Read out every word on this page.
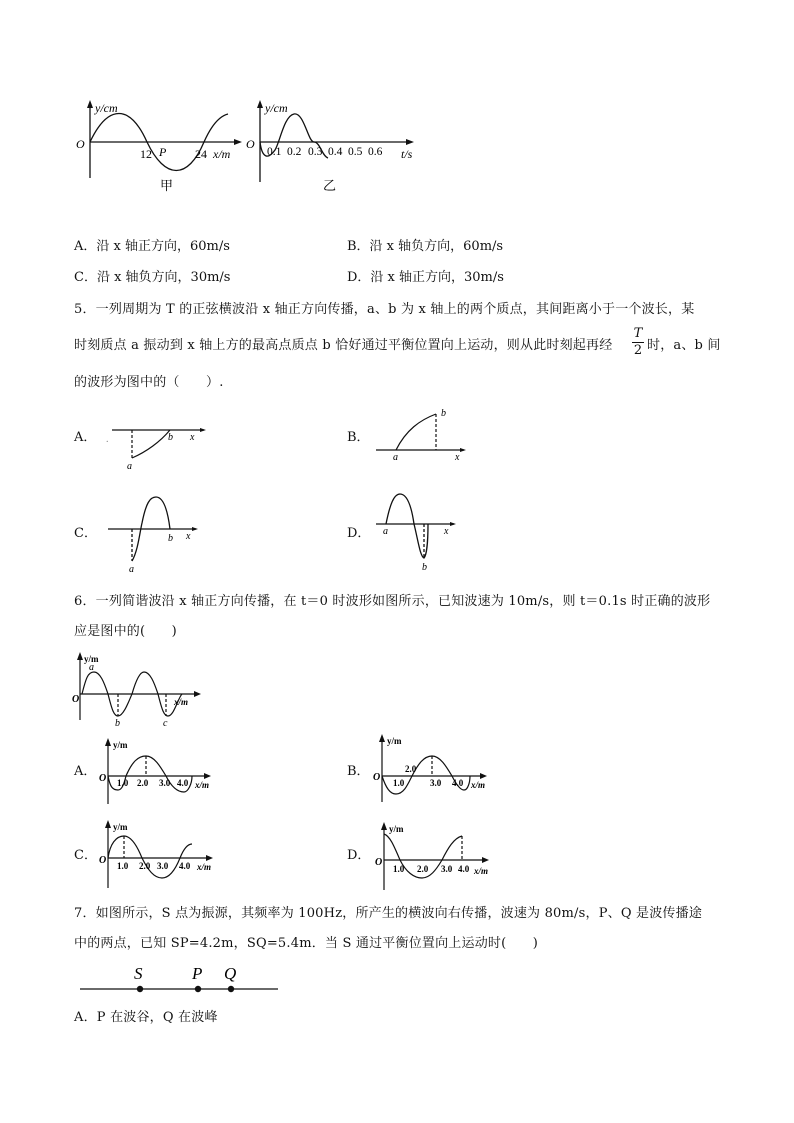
y/cm
O
12 P 24 x/m
甲
y/cm
O
0.1 0.2 0.3 0.4 0.5 0.6 t/s
乙
A．沿 x 轴正方向，60m/s	B．沿 x 轴负方向，60m/s
C．沿 x 轴负方向，30m/s	D．沿 x 轴正方向，30m/s
5．一列周期为 T 的正弦横波沿 x 轴正方向传播，a、b 为 x 轴上的两个质点，其间距离小于一个波长，某
时刻质点 a 振动到 x 轴上方的最高点质点 b 恰好通过平衡位置向上运动，则从此时刻起再经 $\frac{T}{2}$ 时，a、b 间
的波形为图中的（　　）.
A． .
a
b x	B．
a
b
x
C．
a
b x	D． a
b
x
6．一列简谐波沿 x 轴正方向传播，在 t＝0 时波形如图所示，已知波速为 10m/s，则 t＝0.1s 时正确的波形
应是图中的(　　)
y/m
O
a
b	c
x/m
A．
y/m
O 1.0 2.0 3.0 4.0 x/m
B．
y/m
O
2.0
1.0	3.0 4.0 x/m
C．
y/m
O 1.0 2.0 3.0 4.0 x/m
D．
y/m
O
1.0 2.0 3.0 4.0 x/m
7．如图所示，S 点为振源，其频率为 100Hz，所产生的横波向右传播，波速为 80m/s，P、Q 是波传播途
中的两点，已知 SP=4.2m，SQ=5.4m．当 S 通过平衡位置向上运动时(　　)
S	P Q
A．P 在波谷，Q 在波峰
